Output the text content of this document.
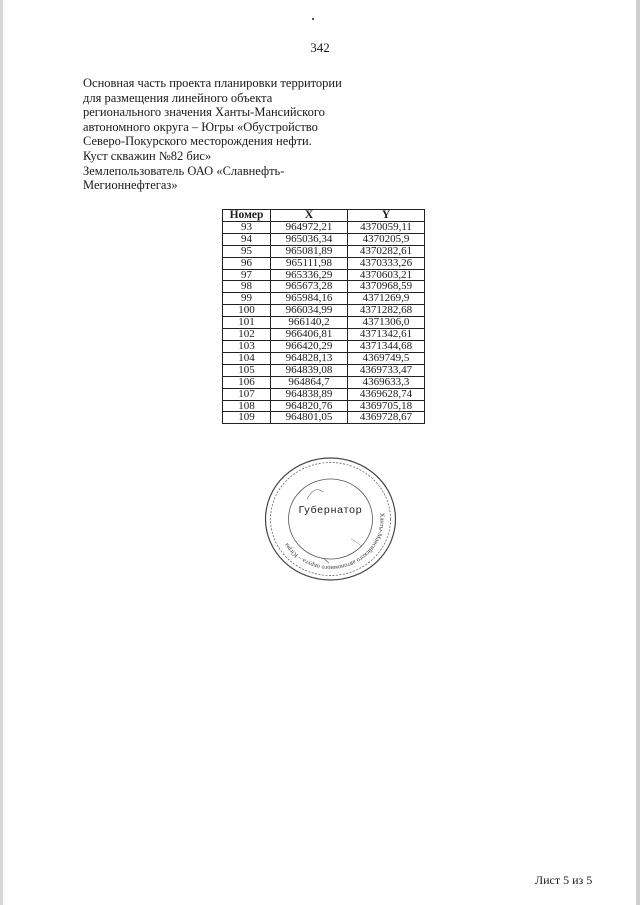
342
Основная часть проекта планировки территории
для размещения линейного объекта
регионального значения Ханты-Мансийского
автономного округа – Югры «Обустройство
Северо-Покурского месторождения нефти.
Куст скважин №82 бис»
Землепользователь ОАО «Славнефть-
Мегионнефтегаз»
Номер	X	Y
93	964972,21	4370059,11
94	965036,34	4370205,9
95	965081,89	4370282,61
96	965111,98	4370333,26
97	965336,29	4370603,21
98	965673,28	4370968,59
99	965984,16	4371269,9
100	966034,99	4371282,68
101	966140,2	4371306,0
102	966406,81	4371342,61
103	966420,29	4371344,68
104	964828,13	4369749,5
105	964839,08	4369733,47
106	964864,7	4369633,3
107	964838,89	4369628,74
108	964820,76	4369705,18
109	964801,05	4369728,67
Ханты-Мансийского автономного округа – Югры
Губернатор
Лист 5 из 5
